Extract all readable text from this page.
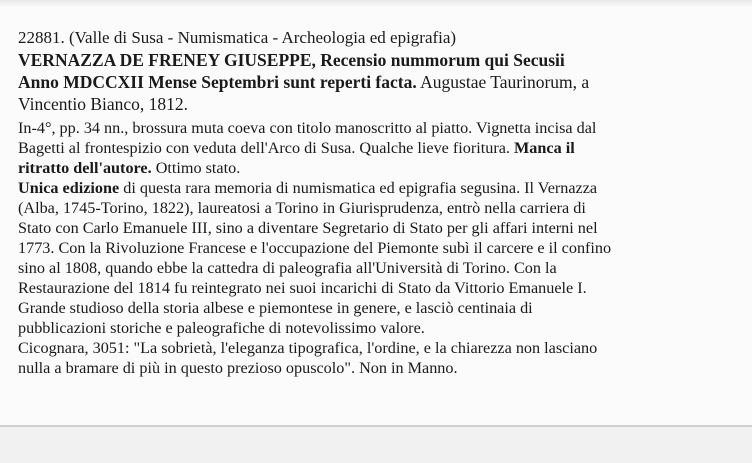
22881. (Valle di Susa - Numismatica - Archeologia ed epigrafia)
VERNAZZA DE FRENEY GIUSEPPE, Recensio nummorum qui Secusii
Anno MDCCXII Mense Septembri sunt reperti facta. Augustae Taurinorum, a
Vincentio Bianco, 1812.
In-4°, pp. 34 nn., brossura muta coeva con titolo manoscritto al piatto. Vignetta incisa dal
Bagetti al frontespizio con veduta dell'Arco di Susa. Qualche lieve fioritura. Manca il
ritratto dell'autore. Ottimo stato.
Unica edizione di questa rara memoria di numismatica ed epigrafia segusina. Il Vernazza
(Alba, 1745-Torino, 1822), laureatosi a Torino in Giurisprudenza, entrò nella carriera di
Stato con Carlo Emanuele III, sino a diventare Segretario di Stato per gli affari interni nel
1773. Con la Rivoluzione Francese e l'occupazione del Piemonte subì il carcere e il confino
sino al 1808, quando ebbe la cattedra di paleografia all'Università di Torino. Con la
Restaurazione del 1814 fu reintegrato nei suoi incarichi di Stato da Vittorio Emanuele I.
Grande studioso della storia albese e piemontese in genere, e lasciò centinaia di
pubblicazioni storiche e paleografiche di notevolissimo valore.
Cicognara, 3051: "La sobrietà, l'eleganza tipografica, l'ordine, e la chiarezza non lasciano
nulla a bramare di più in questo prezioso opuscolo". Non in Manno.
